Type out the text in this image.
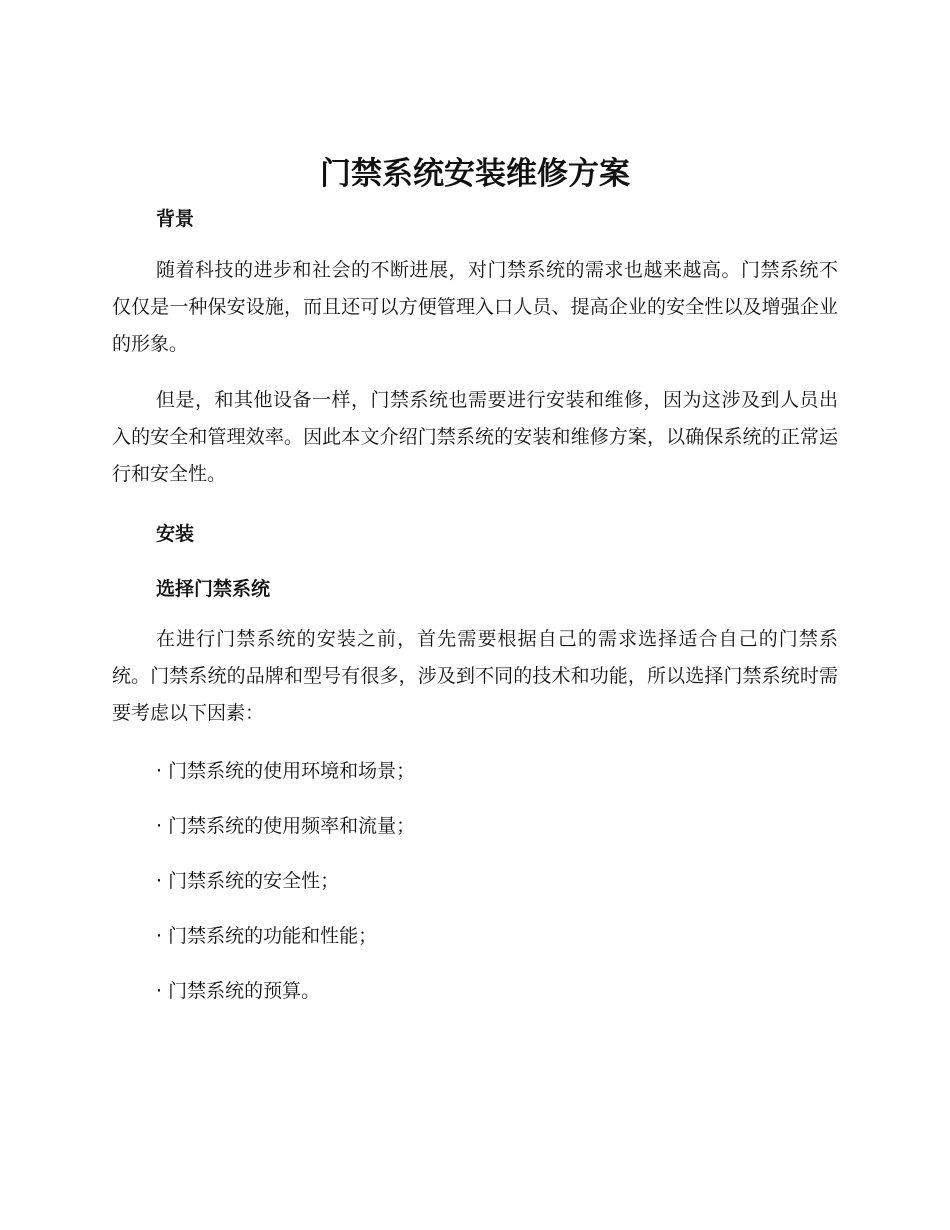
门禁系统安装维修方案
背景

随着科技的进步和社会的不断进展，对门禁系统的需求也越来越高。门禁系统不仅仅是一种保安设施，而且还可以方便管理入口人员、提高企业的安全性以及增强企业的形象。

但是，和其他设备一样，门禁系统也需要进行安装和维修，因为这涉及到人员出入的安全和管理效率。因此本文介绍门禁系统的安装和维修方案，以确保系统的正常运行和安全性。

安装
选择门禁系统

在进行门禁系统的安装之前，首先需要根据自己的需求选择适合自己的门禁系统。门禁系统的品牌和型号有很多，涉及到不同的技术和功能，所以选择门禁系统时需要考虑以下因素：

· 门禁系统的使用环境和场景；
· 门禁系统的使用频率和流量；
· 门禁系统的安全性；
· 门禁系统的功能和性能；
· 门禁系统的预算。
